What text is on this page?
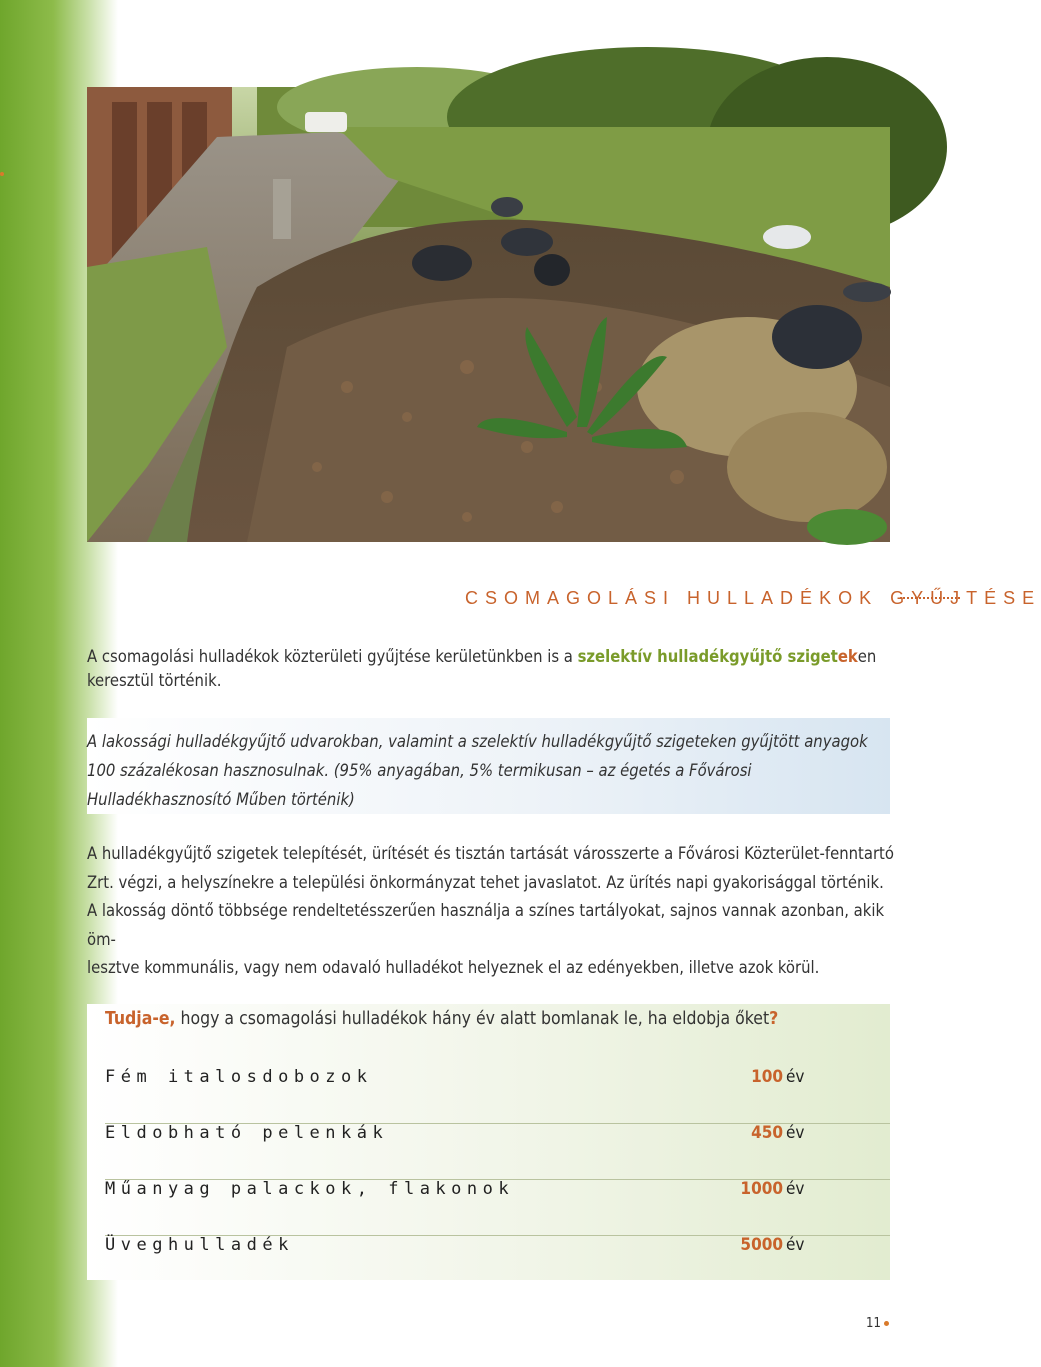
CSOMAGOLÁSI HULLADÉKOK GYŰJTÉSE
A csomagolási hulladékok közterületi gyűjtése kerületünkben is a szelektív hulladékgyűjtő szigeteken keresztül történik.
A lakossági hulladékgyűjtő udvarokban, valamint a szelektív hulladékgyűjtő szigeteken gyűjtött anyagok 100 százalékosan hasznosulnak. (95% anyagában, 5% termikusan – az égetés a Fővárosi Hulladékhasznosító Műben történik)
A hulladékgyűjtő szigetek telepítését, ürítését és tisztán tartását városszerte a Fővárosi Közterület-fenntartó
Zrt. végzi, a helyszínekre a települési önkormányzat tehet javaslatot. Az ürítés napi gyakorisággal történik.
A lakosság döntő többsége rendeltetésszerűen használja a színes tartályokat, sajnos vannak azonban, akik öm-
lesztve kommunális, vagy nem odavaló hulladékot helyeznek el az edényekben, illetve azok körül.
Tudja-e, hogy a csomagolási hulladékok hány év alatt bomlanak le, ha eldobja őket?
Fém italosdobozok	100 év
Eldobható pelenkák	450 év
Műanyag palackok, flakonok	1000 év
Üveghulladék	5000 év
11
